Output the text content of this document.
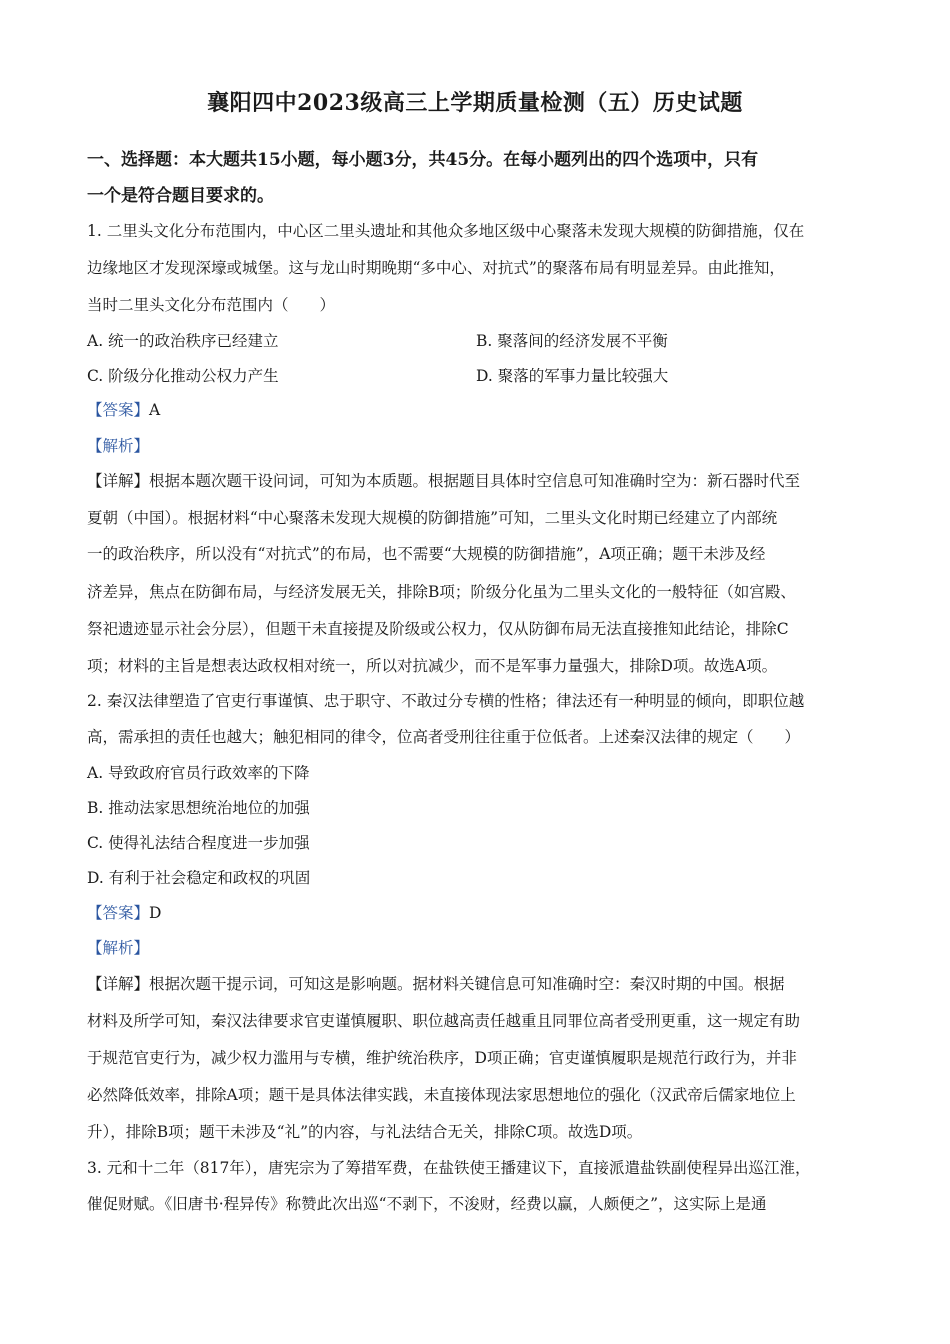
襄阳四中2023级高三上学期质量检测（五）历史试题
一、选择题：本大题共15小题，每小题3分，共45分。在每小题列出的四个选项中，只有
一个是符合题目要求的。
1. 二里头文化分布范围内，中心区二里头遗址和其他众多地区级中心聚落未发现大规模的防御措施，仅在
边缘地区才发现深壕或城堡。这与龙山时期晚期“多中心、对抗式”的聚落布局有明显差异。由此推知，
当时二里头文化分布范围内（　　）
A. 统一的政治秩序已经建立	B. 聚落间的经济发展不平衡
C. 阶级分化推动公权力产生	D. 聚落的军事力量比较强大
【答案】A
【解析】
【详解】根据本题次题干设问词，可知为本质题。根据题目具体时空信息可知准确时空为：新石器时代至
夏朝（中国）。根据材料“中心聚落未发现大规模的防御措施”可知，二里头文化时期已经建立了内部统
一的政治秩序，所以没有“对抗式”的布局，也不需要“大规模的防御措施”，A项正确；题干未涉及经
济差异，焦点在防御布局，与经济发展无关，排除B项；阶级分化虽为二里头文化的一般特征（如宫殿、
祭祀遗迹显示社会分层），但题干未直接提及阶级或公权力，仅从防御布局无法直接推知此结论，排除C
项；材料的主旨是想表达政权相对统一，所以对抗减少，而不是军事力量强大，排除D项。故选A项。
2. 秦汉法律塑造了官吏行事谨慎、忠于职守、不敢过分专横的性格；律法还有一种明显的倾向，即职位越
高，需承担的责任也越大；触犯相同的律令，位高者受刑往往重于位低者。上述秦汉法律的规定（　　）
A. 导致政府官员行政效率的下降
B. 推动法家思想统治地位的加强
C. 使得礼法结合程度进一步加强
D. 有利于社会稳定和政权的巩固
【答案】D
【解析】
【详解】根据次题干提示词，可知这是影响题。据材料关键信息可知准确时空：秦汉时期的中国。根据
材料及所学可知，秦汉法律要求官吏谨慎履职、职位越高责任越重且同罪位高者受刑更重，这一规定有助
于规范官吏行为，减少权力滥用与专横，维护统治秩序，D项正确；官吏谨慎履职是规范行政行为，并非
必然降低效率，排除A项；题干是具体法律实践，未直接体现法家思想地位的强化（汉武帝后儒家地位上
升），排除B项；题干未涉及“礼”的内容，与礼法结合无关，排除C项。故选D项。
3. 元和十二年（817年），唐宪宗为了筹措军费，在盐铁使王播建议下，直接派遣盐铁副使程异出巡江淮，
催促财赋。《旧唐书·程异传》称赞此次出巡“不剥下，不浚财，经费以赢，人颇便之”，这实际上是通
